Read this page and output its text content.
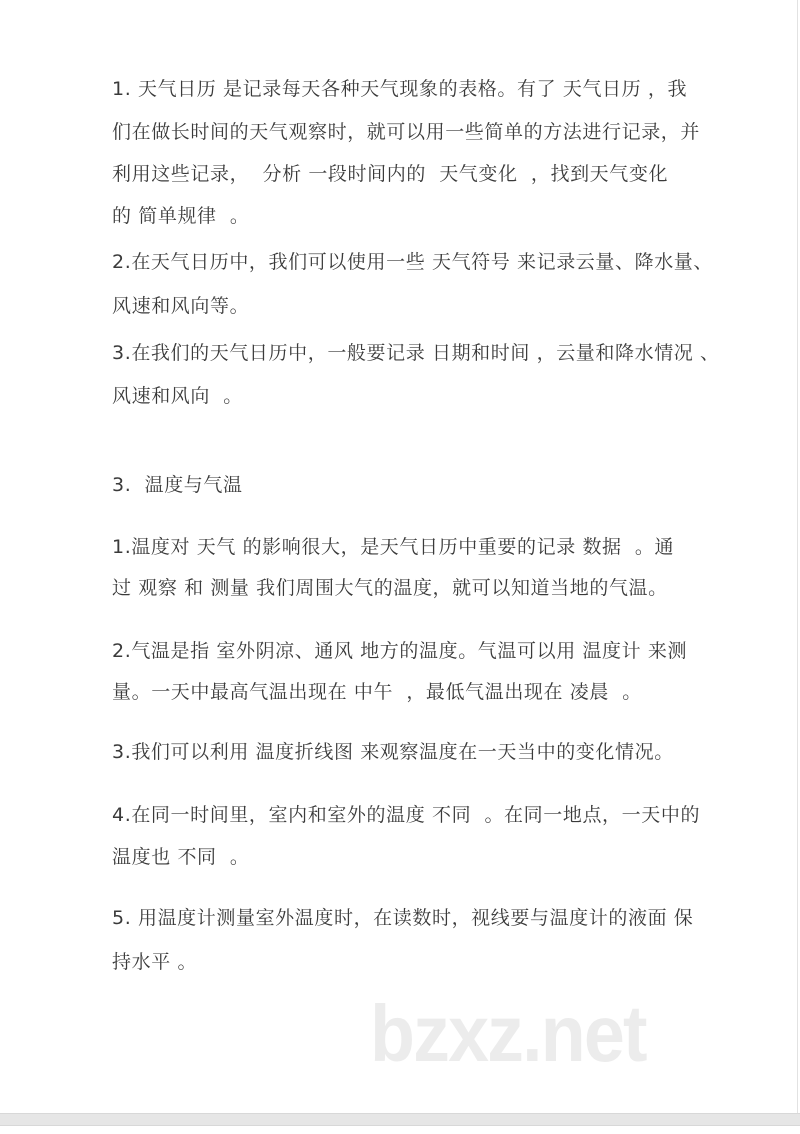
1. 天气日历 是记录每天各种天气现象的表格。有了 天气日历 ，我
们在做长时间的天气观察时，就可以用一些简单的方法进行记录，并
利用这些记录，  分析 一段时间内的  天气变化  ，找到天气变化
的 简单规律  。
2.在天气日历中，我们可以使用一些 天气符号 来记录云量、降水量、
风速和风向等。
3.在我们的天气日历中，一般要记录 日期和时间 ，云量和降水情况 、
风速和风向  。
3.  温度与气温
1.温度对 天气 的影响很大，是天气日历中重要的记录 数据  。通
过 观察 和 测量 我们周围大气的温度，就可以知道当地的气温。
2.气温是指 室外阴凉、通风 地方的温度。气温可以用 温度计 来测
量。一天中最高气温出现在 中午  ，最低气温出现在 凌晨  。
3.我们可以利用 温度折线图 来观察温度在一天当中的变化情况。
4.在同一时间里，室内和室外的温度 不同  。在同一地点，一天中的
温度也 不同  。
5. 用温度计测量室外温度时，在读数时，视线要与温度计的液面 保
持水平 。
bzxz.net
